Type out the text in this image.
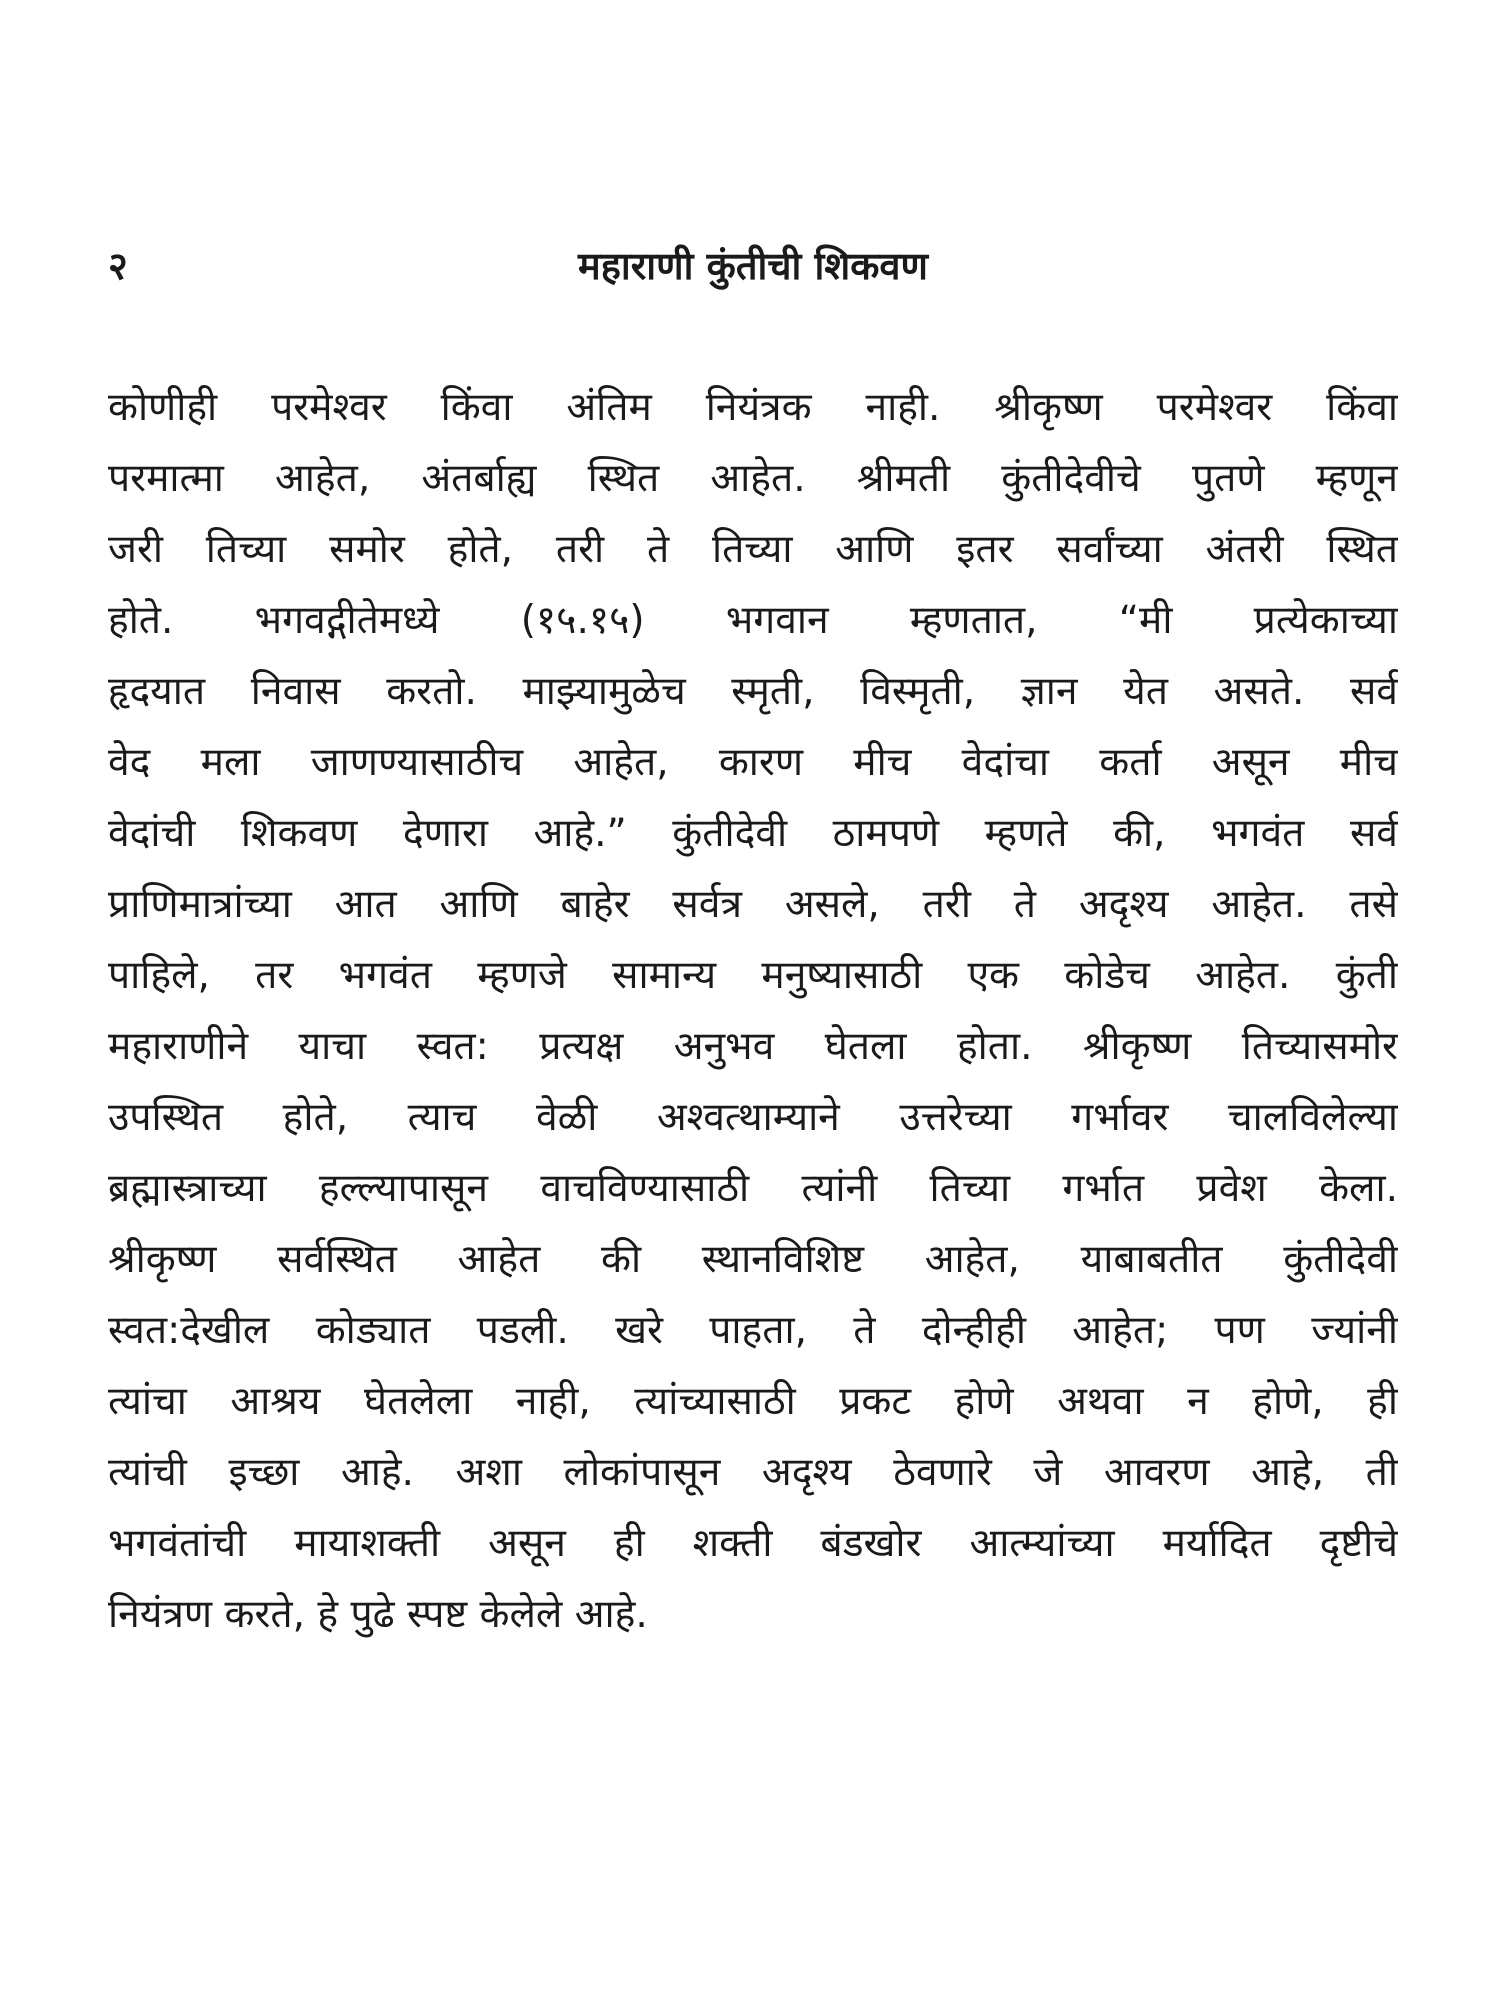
२	महाराणी कुंतीची शिकवण
कोणीही परमेश्वर किंवा अंतिम नियंत्रक नाही. श्रीकृष्ण परमेश्वर किंवा
परमात्मा आहेत, अंतर्बाह्य स्थित आहेत. श्रीमती कुंतीदेवीचे पुतणे म्हणून
जरी तिच्या समोर होते, तरी ते तिच्या आणि इतर सर्वांच्या अंतरी स्थित
होते. भगवद्गीतेमध्ये (१५.१५) भगवान म्हणतात, “मी प्रत्येकाच्या
हृदयात निवास करतो. माझ्यामुळेच स्मृती, विस्मृती, ज्ञान येत असते. सर्व
वेद मला जाणण्यासाठीच आहेत, कारण मीच वेदांचा कर्ता असून मीच
वेदांची शिकवण देणारा आहे.” कुंतीदेवी ठामपणे म्हणते की, भगवंत सर्व
प्राणिमात्रांच्या आत आणि बाहेर सर्वत्र असले, तरी ते अदृश्य आहेत. तसे
पाहिले, तर भगवंत म्हणजे सामान्य मनुष्यासाठी एक कोडेच आहेत. कुंती
महाराणीने याचा स्वत: प्रत्यक्ष अनुभव घेतला होता. श्रीकृष्ण तिच्यासमोर
उपस्थित होते, त्याच वेळी अश्वत्थाम्याने उत्तरेच्या गर्भावर चालविलेल्या
ब्रह्मास्त्राच्या हल्ल्यापासून वाचविण्यासाठी त्यांनी तिच्या गर्भात प्रवेश केला.
श्रीकृष्ण सर्वस्थित आहेत की स्थानविशिष्ट आहेत, याबाबतीत कुंतीदेवी
स्वत:देखील कोड्यात पडली. खरे पाहता, ते दोन्हीही आहेत; पण ज्यांनी
त्यांचा आश्रय घेतलेला नाही, त्यांच्यासाठी प्रकट होणे अथवा न होणे, ही
त्यांची इच्छा आहे. अशा लोकांपासून अदृश्य ठेवणारे जे आवरण आहे, ती
भगवंतांची मायाशक्ती असून ही शक्ती बंडखोर आत्म्यांच्या मर्यादित दृष्टीचे
नियंत्रण करते, हे पुढे स्पष्ट केलेले आहे.
